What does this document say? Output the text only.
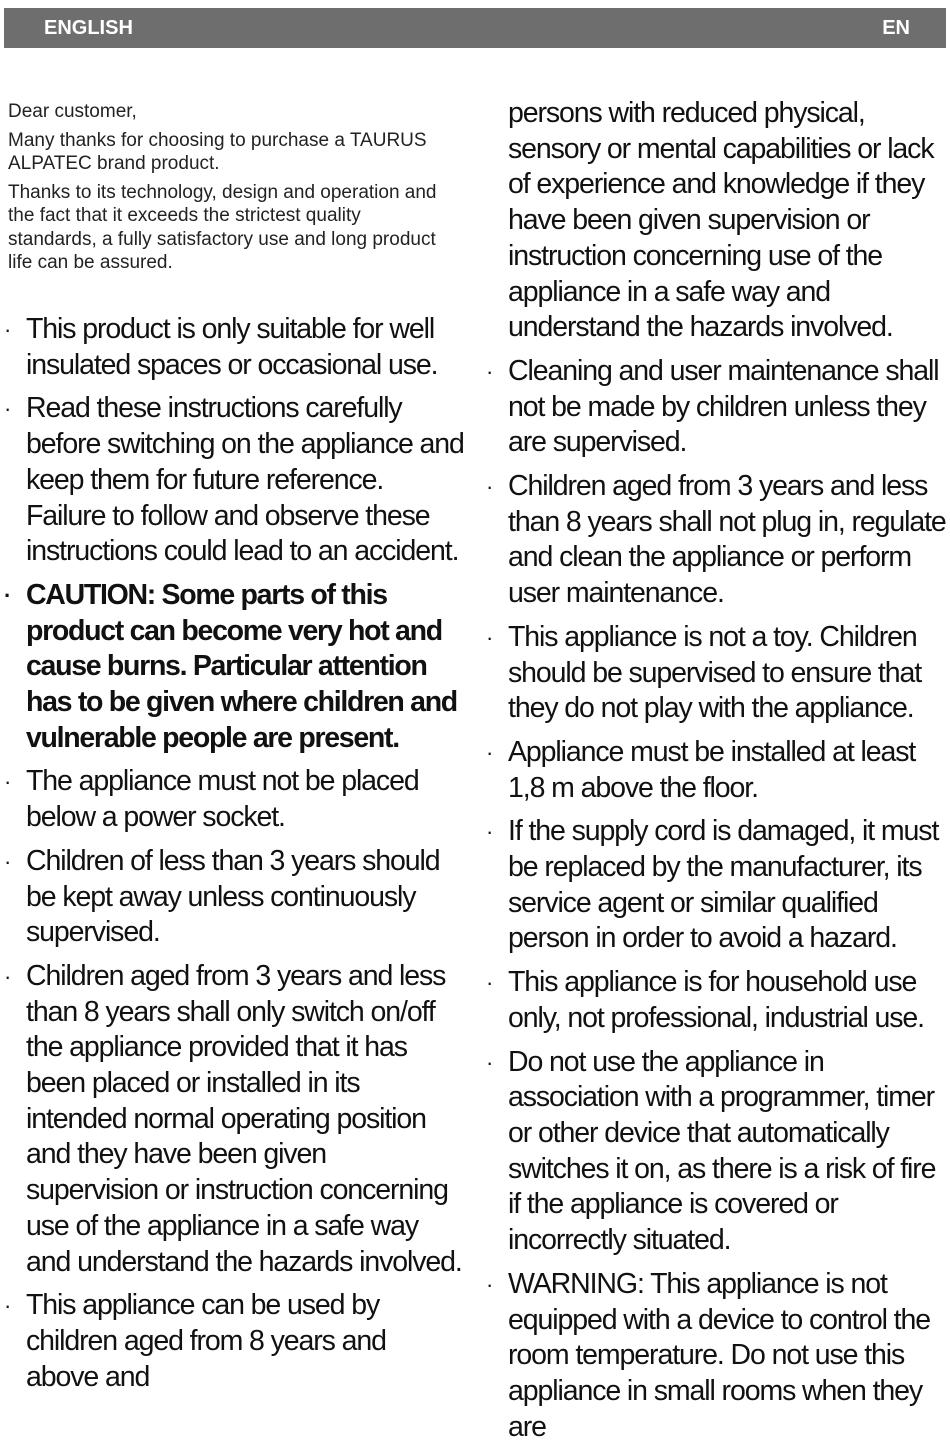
ENGLISH	EN

Dear customer,

Many thanks for choosing to purchase a TAURUS ALPATEC brand product.

Thanks to its technology, design and operation and the fact that it exceeds the strictest quality standards, a fully satisfactory use and long product life can be assured.

· This product is only suitable for well insulated spaces or occasional use.
· Read these instructions carefully before switching on the appliance and keep them for future reference. Failure to follow and observe these instructions could lead to an accident.
· CAUTION: Some parts of this product can become very hot and cause burns. Particular attention has to be given where children and vulnerable people are present.
· The appliance must not be placed below a power socket.
· Children of less than 3 years should be kept away unless continuously supervised.
· Children aged from 3 years and less than 8 years shall only switch on/off the appliance provided that it has been placed or installed in its intended normal operating position and they have been given supervision or instruction concerning use of the appliance in a safe way and understand the hazards involved.
· This appliance can be used by children aged from 8 years and above and
persons with reduced physical, sensory or mental capabilities or lack of experience and knowledge if they have been given supervision or instruction concerning use of the appliance in a safe way and understand the hazards involved.
· Cleaning and user maintenance shall not be made by children unless they are supervised.
· Children aged from 3 years and less than 8 years shall not plug in, regulate and clean the appliance or perform user maintenance.
· This appliance is not a toy. Children should be supervised to ensure that they do not play with the appliance.
· Appliance must be installed at least 1,8 m above the floor.
· If the supply cord is damaged, it must be replaced by the manufacturer, its service agent or similar qualified person in order to avoid a hazard.
· This appliance is for household use only, not professional, industrial use.
· Do not use the appliance in association with a programmer, timer or other device that automatically switches it on, as there is a risk of fire if the appliance is covered or incorrectly situated.
· WARNING: This appliance is not equipped with a device to control the room temperature. Do not use this appliance in small rooms when they are
